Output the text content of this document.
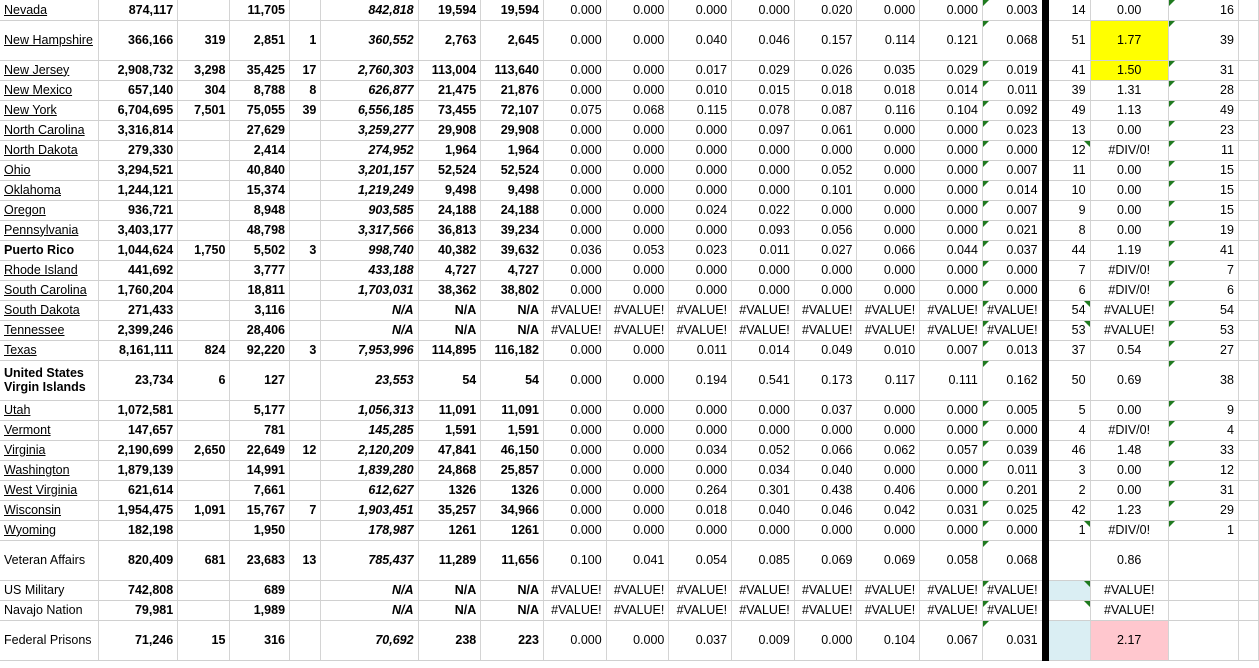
Nevada	874,117		11,705		842,818	19,594	19,594	0.000	0.000	0.000	0.000	0.020	0.000	0.000	0.003	14	0.00	16	
New Hampshire	366,166	319	2,851	1	360,552	2,763	2,645	0.000	0.000	0.040	0.046	0.157	0.114	0.121	0.068	51	1.77	39	
New Jersey	2,908,732	3,298	35,425	17	2,760,303	113,004	113,640	0.000	0.000	0.017	0.029	0.026	0.035	0.029	0.019	41	1.50	31	
New Mexico	657,140	304	8,788	8	626,877	21,475	21,876	0.000	0.000	0.010	0.015	0.018	0.018	0.014	0.011	39	1.31	28	
New York	6,704,695	7,501	75,055	39	6,556,185	73,455	72,107	0.075	0.068	0.115	0.078	0.087	0.116	0.104	0.092	49	1.13	49	
North Carolina	3,316,814		27,629		3,259,277	29,908	29,908	0.000	0.000	0.000	0.097	0.061	0.000	0.000	0.023	13	0.00	23	
North Dakota	279,330		2,414		274,952	1,964	1,964	0.000	0.000	0.000	0.000	0.000	0.000	0.000	0.000	12	#DIV/0!	11	
Ohio	3,294,521		40,840		3,201,157	52,524	52,524	0.000	0.000	0.000	0.000	0.052	0.000	0.000	0.007	11	0.00	15	
Oklahoma	1,244,121		15,374		1,219,249	9,498	9,498	0.000	0.000	0.000	0.000	0.101	0.000	0.000	0.014	10	0.00	15	
Oregon	936,721		8,948		903,585	24,188	24,188	0.000	0.000	0.024	0.022	0.000	0.000	0.000	0.007	9	0.00	15	
Pennsylvania	3,403,177		48,798		3,317,566	36,813	39,234	0.000	0.000	0.000	0.093	0.056	0.000	0.000	0.021	8	0.00	19	
Puerto Rico	1,044,624	1,750	5,502	3	998,740	40,382	39,632	0.036	0.053	0.023	0.011	0.027	0.066	0.044	0.037	44	1.19	41	
Rhode Island	441,692		3,777		433,188	4,727	4,727	0.000	0.000	0.000	0.000	0.000	0.000	0.000	0.000	7	#DIV/0!	7	
South Carolina	1,760,204		18,811		1,703,031	38,362	38,802	0.000	0.000	0.000	0.000	0.000	0.000	0.000	0.000	6	#DIV/0!	6	
South Dakota	271,433		3,116		N/A	N/A	N/A	#VALUE!	#VALUE!	#VALUE!	#VALUE!	#VALUE!	#VALUE!	#VALUE!	#VALUE!	54	#VALUE!	54	
Tennessee	2,399,246		28,406		N/A	N/A	N/A	#VALUE!	#VALUE!	#VALUE!	#VALUE!	#VALUE!	#VALUE!	#VALUE!	#VALUE!	53	#VALUE!	53	
Texas	8,161,111	824	92,220	3	7,953,996	114,895	116,182	0.000	0.000	0.011	0.014	0.049	0.010	0.007	0.013	37	0.54	27	
United States Virgin Islands	23,734	6	127		23,553	54	54	0.000	0.000	0.194	0.541	0.173	0.117	0.111	0.162	50	0.69	38	
Utah	1,072,581		5,177		1,056,313	11,091	11,091	0.000	0.000	0.000	0.000	0.037	0.000	0.000	0.005	5	0.00	9	
Vermont	147,657		781		145,285	1,591	1,591	0.000	0.000	0.000	0.000	0.000	0.000	0.000	0.000	4	#DIV/0!	4	
Virginia	2,190,699	2,650	22,649	12	2,120,209	47,841	46,150	0.000	0.000	0.034	0.052	0.066	0.062	0.057	0.039	46	1.48	33	
Washington	1,879,139		14,991		1,839,280	24,868	25,857	0.000	0.000	0.000	0.034	0.040	0.000	0.000	0.011	3	0.00	12	
West Virginia	621,614		7,661		612,627	1326	1326	0.000	0.000	0.264	0.301	0.438	0.406	0.000	0.201	2	0.00	31	
Wisconsin	1,954,475	1,091	15,767	7	1,903,451	35,257	34,966	0.000	0.000	0.018	0.040	0.046	0.042	0.031	0.025	42	1.23	29	
Wyoming	182,198		1,950		178,987	1261	1261	0.000	0.000	0.000	0.000	0.000	0.000	0.000	0.000	1	#DIV/0!	1	
Veteran Affairs	820,409	681	23,683	13	785,437	11,289	11,656	0.100	0.041	0.054	0.085	0.069	0.069	0.058	0.068		0.86		
US Military	742,808		689		N/A	N/A	N/A	#VALUE!	#VALUE!	#VALUE!	#VALUE!	#VALUE!	#VALUE!	#VALUE!	#VALUE!		#VALUE!		
Navajo Nation	79,981		1,989		N/A	N/A	N/A	#VALUE!	#VALUE!	#VALUE!	#VALUE!	#VALUE!	#VALUE!	#VALUE!	#VALUE!		#VALUE!		
Federal Prisons	71,246	15	316		70,692	238	223	0.000	0.000	0.037	0.009	0.000	0.104	0.067	0.031		2.17		
